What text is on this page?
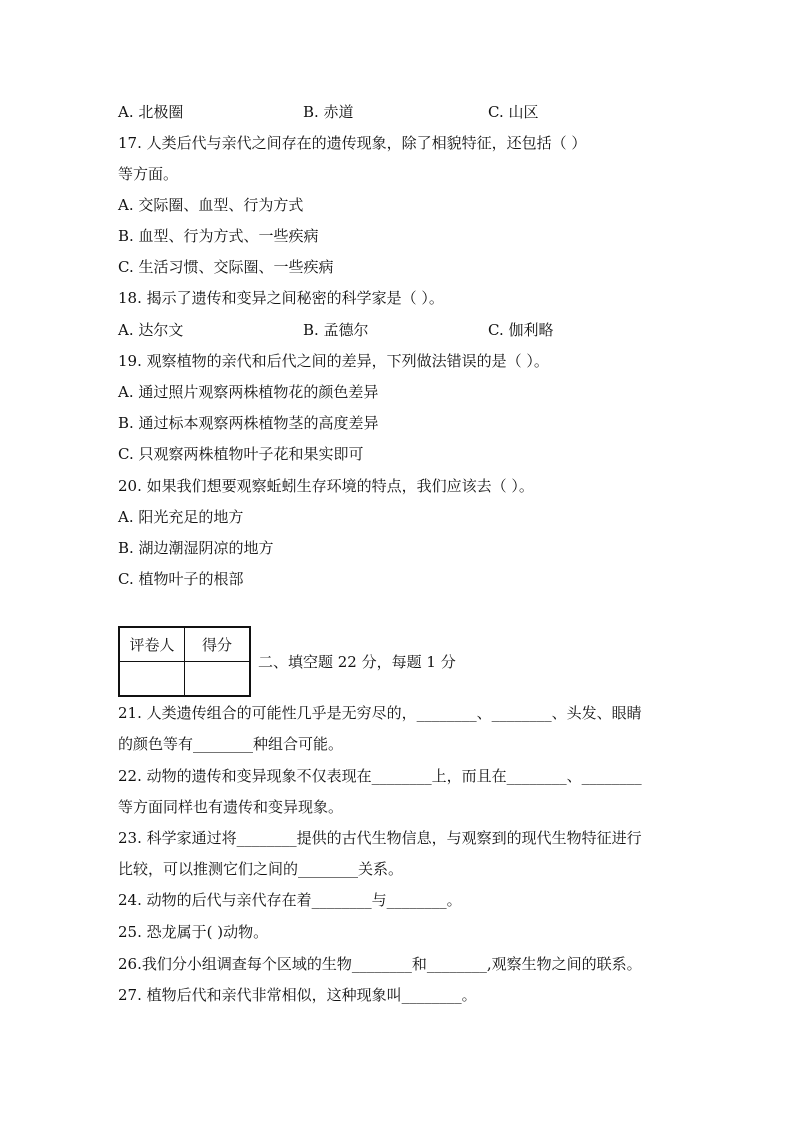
A. 北极圈	B. 赤道	C. 山区
17. 人类后代与亲代之间存在的遗传现象，除了相貌特征，还包括（ ）
等方面。
A. 交际圈、血型、行为方式
B. 血型、行为方式、一些疾病
C. 生活习惯、交际圈、一些疾病
18. 揭示了遗传和变异之间秘密的科学家是（ ）。
A. 达尔文	B. 孟德尔	C. 伽利略
19. 观察植物的亲代和后代之间的差异，下列做法错误的是（ ）。
A. 通过照片观察两株植物花的颜色差异
B. 通过标本观察两株植物茎的高度差异
C. 只观察两株植物叶子花和果实即可
20. 如果我们想要观察蚯蚓生存环境的特点，我们应该去（ ）。
A. 阳光充足的地方
B. 湖边潮湿阴凉的地方
C. 植物叶子的根部
评卷人	得分

二、填空题 22 分，每题 1 分
21. 人类遗传组合的可能性几乎是无穷尽的，________、________、头发、眼睛
的颜色等有________种组合可能。
22. 动物的遗传和变异现象不仅表现在________上，而且在________、________
等方面同样也有遗传和变异现象。
23. 科学家通过将________提供的古代生物信息，与观察到的现代生物特征进行
比较，可以推测它们之间的________关系。
24. 动物的后代与亲代存在着________与________。
25. 恐龙属于( )动物。
26.我们分小组调查每个区域的生物________和________,观察生物之间的联系。
27. 植物后代和亲代非常相似，这种现象叫________。
